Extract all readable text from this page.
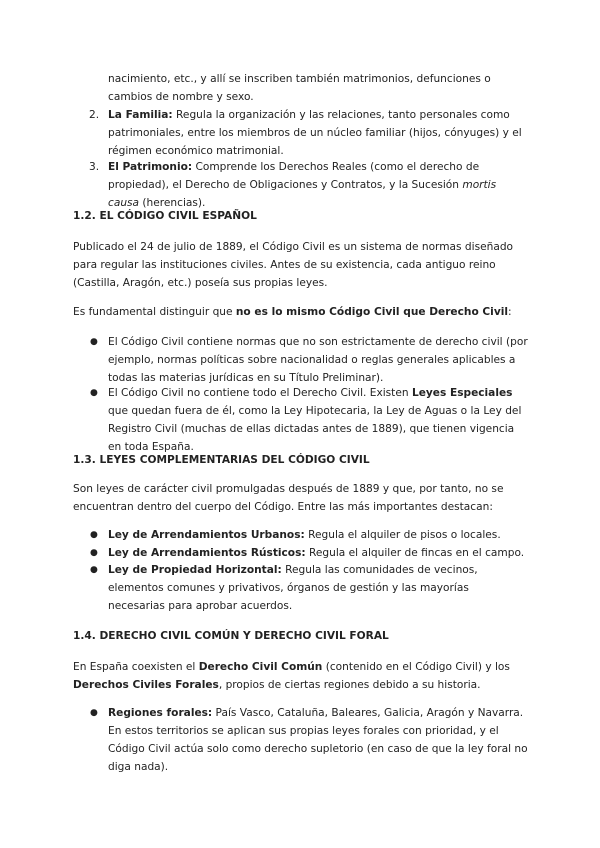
nacimiento, etc., y allí se inscriben también matrimonios, defunciones o cambios de nombre y sexo.

2. La Familia: Regula la organización y las relaciones, tanto personales como patrimoniales, entre los miembros de un núcleo familiar (hijos, cónyuges) y el régimen económico matrimonial.

3. El Patrimonio: Comprende los Derechos Reales (como el derecho de propiedad), el Derecho de Obligaciones y Contratos, y la Sucesión mortis causa (herencias).

1.2. EL CÓDIGO CIVIL ESPAÑOL

Publicado el 24 de julio de 1889, el Código Civil es un sistema de normas diseñado para regular las instituciones civiles. Antes de su existencia, cada antiguo reino (Castilla, Aragón, etc.) poseía sus propias leyes.

Es fundamental distinguir que no es lo mismo Código Civil que Derecho Civil:

● El Código Civil contiene normas que no son estrictamente de derecho civil (por ejemplo, normas políticas sobre nacionalidad o reglas generales aplicables a todas las materias jurídicas en su Título Preliminar).

● El Código Civil no contiene todo el Derecho Civil. Existen Leyes Especiales que quedan fuera de él, como la Ley Hipotecaria, la Ley de Aguas o la Ley del Registro Civil (muchas de ellas dictadas antes de 1889), que tienen vigencia en toda España.

1.3. LEYES COMPLEMENTARIAS DEL CÓDIGO CIVIL

Son leyes de carácter civil promulgadas después de 1889 y que, por tanto, no se encuentran dentro del cuerpo del Código. Entre las más importantes destacan:

● Ley de Arrendamientos Urbanos: Regula el alquiler de pisos o locales.

● Ley de Arrendamientos Rústicos: Regula el alquiler de fincas en el campo.

● Ley de Propiedad Horizontal: Regula las comunidades de vecinos, elementos comunes y privativos, órganos de gestión y las mayorías necesarias para aprobar acuerdos.

1.4. DERECHO CIVIL COMÚN Y DERECHO CIVIL FORAL

En España coexisten el Derecho Civil Común (contenido en el Código Civil) y los Derechos Civiles Forales, propios de ciertas regiones debido a su historia.

● Regiones forales: País Vasco, Cataluña, Baleares, Galicia, Aragón y Navarra. En estos territorios se aplican sus propias leyes forales con prioridad, y el Código Civil actúa solo como derecho supletorio (en caso de que la ley foral no diga nada).
